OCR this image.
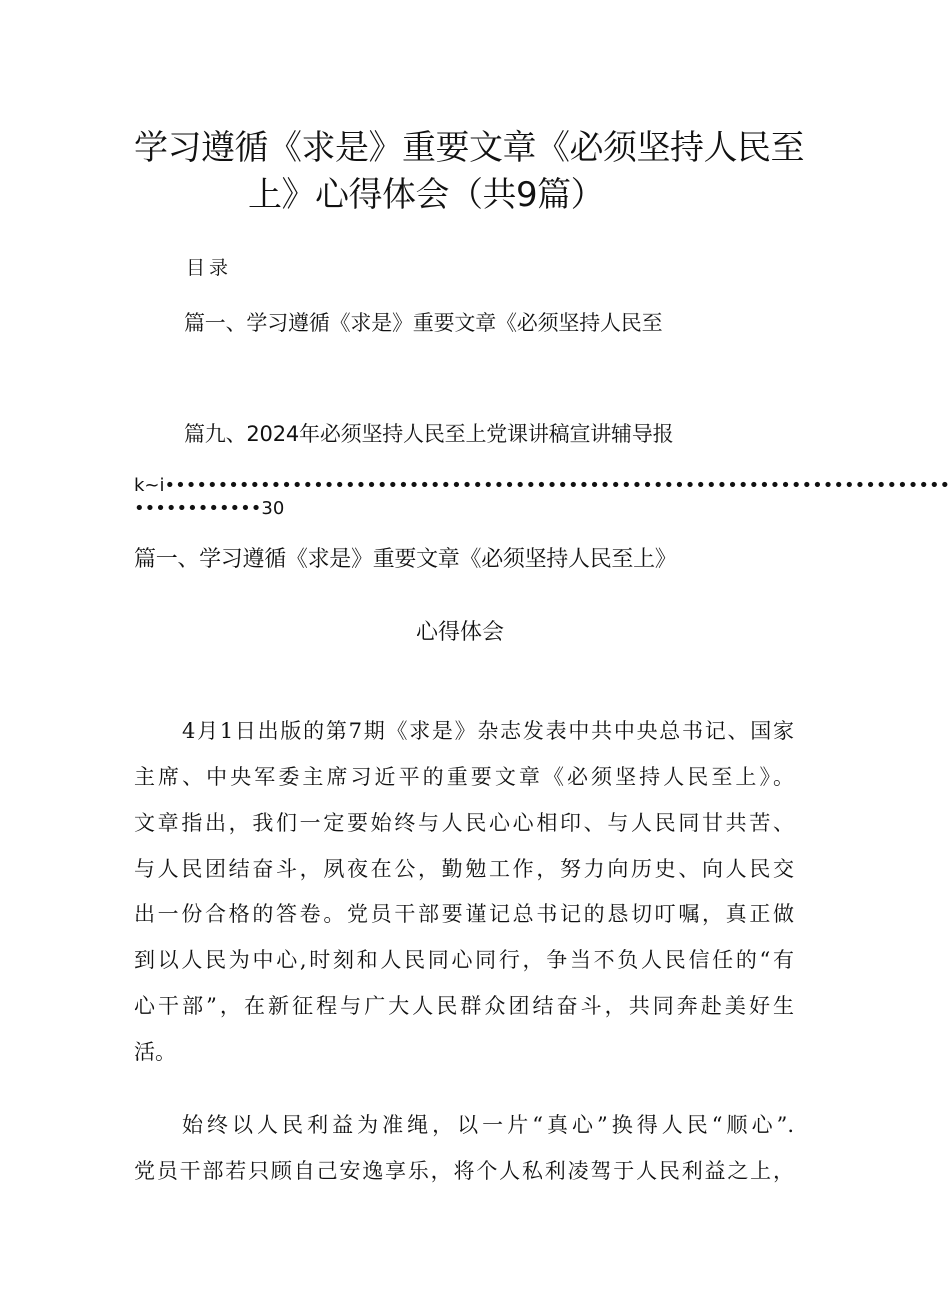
学习遵循《求是》重要文章《必须坚持人民至
上》心得体会（共9篇）
目录
篇一、学习遵循《求是》重要文章《必须坚持人民至
篇九、2024年必须坚持人民至上党课讲稿宣讲辅导报
k~i••••••••••••••••••••••••••••••••••••••••••••••••••••••••••••••••••••••••••
••••••••••••30
篇一、学习遵循《求是》重要文章《必须坚持人民至上》
心得体会
4月1日出版的第7期《求是》杂志发表中共中央总书记、国家
主席、中央军委主席习近平的重要文章《必须坚持人民至上》。
文章指出，我们一定要始终与人民心心相印、与人民同甘共苦、
与人民团结奋斗，夙夜在公，勤勉工作，努力向历史、向人民交
出一份合格的答卷。党员干部要谨记总书记的恳切叮嘱，真正做
到以人民为中心,时刻和人民同心同行，争当不负人民信任的“有
心干部”，在新征程与广大人民群众团结奋斗，共同奔赴美好生
活。
始终以人民利益为准绳，以一片“真心”换得人民“顺心”.
党员干部若只顾自己安逸享乐，将个人私利凌驾于人民利益之上，
